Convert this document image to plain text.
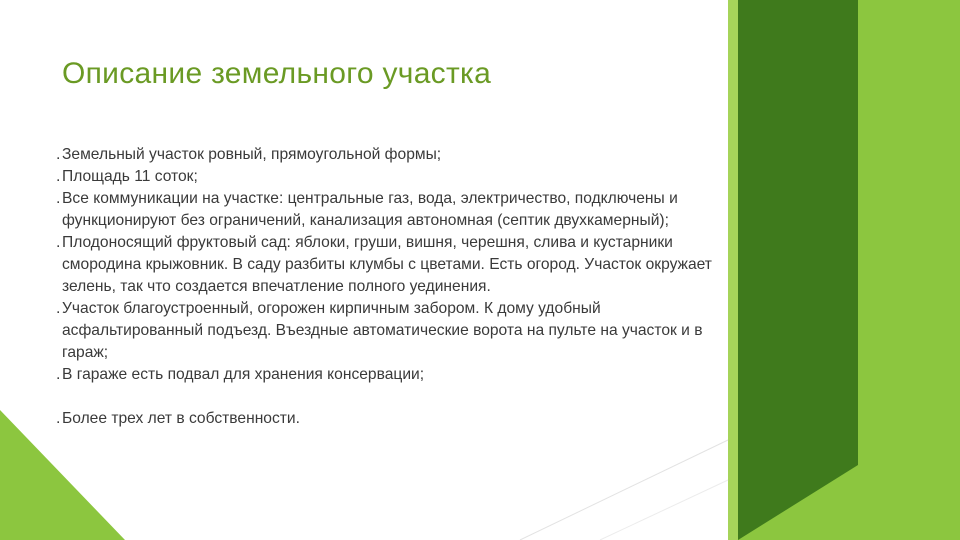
Описание земельного участка
. Земельный участок ровный, прямоугольной формы;
. Площадь 11 соток;
. Все коммуникации на участке: центральные газ, вода, электричество, подключены и функционируют без ограничений, канализация автономная (септик двухкамерный);
. Плодоносящий фруктовый сад: яблоки, груши, вишня, черешня, слива и кустарники смородина крыжовник. В саду разбиты клумбы с цветами. Есть огород. Участок окружает зелень, так что создается впечатление полного уединения.
. Участок благоустроенный, огорожен кирпичным забором. К дому удобный асфальтированный подъезд. Въездные автоматические ворота на пульте на участок и в гараж;
. В гараже есть подвал для хранения консервации;
. Более трех лет в собственности.
